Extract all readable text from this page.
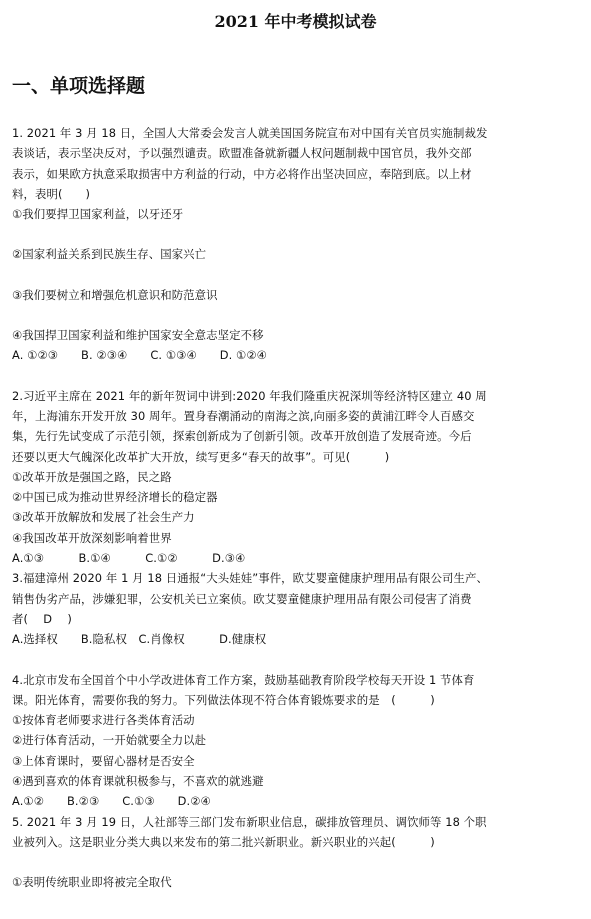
2021 年中考模拟试卷
一、单项选择题
1. 2021 年 3 月 18 日，全国人大常委会发言人就美国国务院宣布对中国有关官员实施制裁发
表谈话，表示坚决反对，予以强烈谴责。欧盟准备就新疆人权问题制裁中国官员，我外交部
表示，如果欧方执意采取损害中方利益的行动，中方必将作出坚决回应，奉陪到底。以上材
料，表明(　　)
①我们要捍卫国家利益，以牙还牙
②国家利益关系到民族生存、国家兴亡
③我们要树立和增强危机意识和防范意识
④我国捍卫国家利益和维护国家安全意志坚定不移
A. ①②③　　B. ②③④　　C. ①③④　　D. ①②④
2.习近平主席在 2021 年的新年贺词中讲到:2020 年我们隆重庆祝深圳等经济特区建立 40 周
年，上海浦东开发开放 30 周年。置身春潮涌动的南海之滨,向丽多姿的黄浦江畔令人百感交
集，先行先试变成了示范引领，探索创新成为了创新引领。改革开放创造了发展奇迹。今后
还要以更大气魄深化改革扩大开放，续写更多“春天的故事”。可见(　　　)
①改革开放是强国之路，民之路
②中国已成为推动世界经济增长的稳定器
③改革开放解放和发展了社会生产力
④我国改革开放深刻影响着世界
A.①③　　　B.①④　　　C.①②　　　D.③④
3.福建漳州 2020 年 1 月 18 日通报“大头娃娃”事件，欧艾婴童健康护理用品有限公司生产、
销售伪劣产品，涉嫌犯罪，公安机关已立案侦。欧艾婴童健康护理用品有限公司侵害了消费
者(　 D 　)
A.选择权　　B.隐私权　C.肖像权　　　D.健康权
4.北京市发布全国首个中小学改进体育工作方案，鼓励基础教育阶段学校每天开设 1 节体育
课。阳光体育，需要你我的努力。下列做法体现不符合体育锻炼要求的是　(　　　)
①按体育老师要求进行各类体育活动
②进行体育活动，一开始就要全力以赴
③上体育课时，要留心器材是否安全
④遇到喜欢的体育课就积极参与，不喜欢的就逃避
A.①②　　B.②③　　C.①③　　D.②④
5. 2021 年 3 月 19 日，人社部等三部门发布新职业信息，碳排放管理员、调饮师等 18 个职
业被列入。这是职业分类大典以来发布的第二批兴新职业。新兴职业的兴起(　　　)
①表明传统职业即将被完全取代
